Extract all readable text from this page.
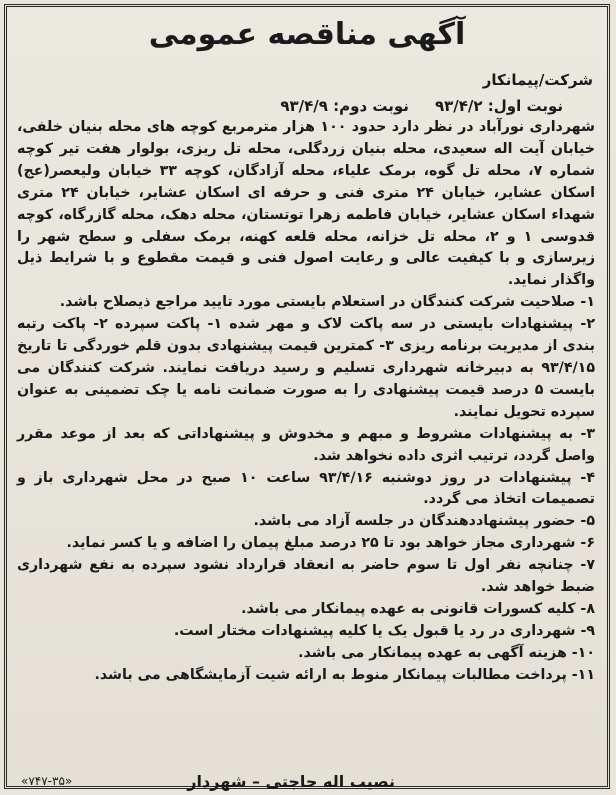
آگهی مناقصه عمومی
شرکت/پیمانکار
نوبت اول: ۹۳/۴/۲
نوبت دوم: ۹۳/۴/۹

شهرداری نورآباد در نظر دارد حدود ۱۰۰ هزار مترمربع کوچه های محله بنیان خلفی، خیابان آیت اله سعیدی، محله بنیان زردگلی، محله تل ریزی، بولوار هفت تیر کوچه شماره ۷، محله تل گوه، برمک علیاء، محله آزادگان، کوچه ۳۳ خیابان ولیعصر(عج) اسکان عشایر، خیابان ۲۴ متری فنی و حرفه ای اسکان عشایر، خیابان ۲۴ متری شهداء اسکان عشایر، خیابان فاطمه زهرا توتستان، محله دهک، محله گازرگاه، کوچه قدوسی ۱ و ۲، محله تل خزانه، محله قلعه کهنه، برمک سفلی و سطح شهر را زیرسازی و با کیفیت عالی و رعایت اصول فنی و قیمت مقطوع و با شرایط ذیل واگذار نماید.

۱- صلاحیت شرکت کنندگان در استعلام بایستی مورد تایید مراجع ذیصلاح باشد.

۲- پیشنهادات بایستی در سه پاکت لاک و مهر شده ۱- پاکت سپرده ۲- پاکت رتبه بندی از مدیریت برنامه ریزی ۳- کمترین قیمت پیشنهادی بدون قلم خوردگی تا تاریخ ۹۳/۴/۱۵ به دبیرخانه شهرداری تسلیم و رسید دریافت نمایند. شرکت کنندگان می بایست ۵ درصد قیمت پیشنهادی را به صورت ضمانت نامه یا چک تضمینی به عنوان سپرده تحویل نمایند.

۳- به پیشنهادات مشروط و مبهم و مخدوش و پیشنهاداتی که بعد از موعد مقرر واصل گردد، ترتیب اثری داده نخواهد شد.

۴- پیشنهادات در روز دوشنبه ۹۳/۴/۱۶ ساعت ۱۰ صبح در محل شهرداری باز و تصمیمات اتخاذ می گردد.

۵- حضور پیشنهاددهندگان در جلسه آزاد می باشد.

۶- شهرداری مجاز خواهد بود تا ۲۵ درصد مبلغ پیمان را اضافه و یا کسر نماید.

۷- چنانچه نفر اول تا سوم حاضر به انعقاد قرارداد نشود سپرده به نفع شهرداری ضبط خواهد شد.

۸- کلیه کسورات قانونی به عهده پیمانکار می باشد.

۹- شهرداری در رد یا قبول یک یا کلیه پیشنهادات مختار است.

۱۰- هزینه آگهی به عهده پیمانکار می باشد.

۱۱- پرداخت مطالبات پیمانکار منوط به ارائه شیت آزمایشگاهی می باشد.

نصیب اله حاجتی – شهردار
«۷۴۷-۳۵»
